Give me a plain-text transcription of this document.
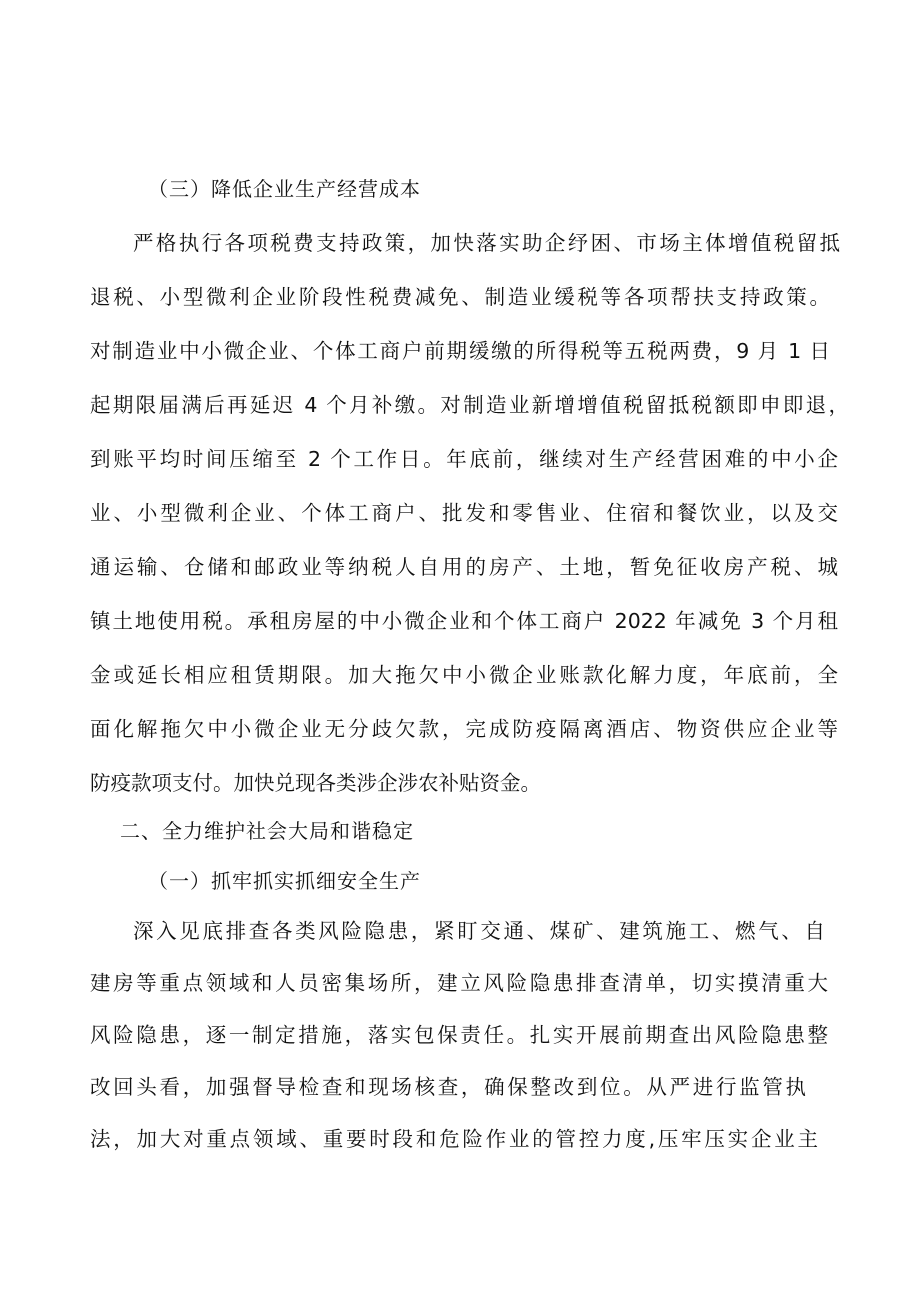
（三）降低企业生产经营成本
严格执行各项税费支持政策，加快落实助企纾困、市场主体增值税留抵
退税、小型微利企业阶段性税费减免、制造业缓税等各项帮扶支持政策。
对制造业中小微企业、个体工商户前期缓缴的所得税等五税两费，9 月 1 日
起期限届满后再延迟 4 个月补缴。对制造业新增增值税留抵税额即申即退，
到账平均时间压缩至 2 个工作日。年底前，继续对生产经营困难的中小企
业、小型微利企业、个体工商户、批发和零售业、住宿和餐饮业，以及交
通运输、仓储和邮政业等纳税人自用的房产、土地，暂免征收房产税、城
镇土地使用税。承租房屋的中小微企业和个体工商户 2022 年减免 3 个月租
金或延长相应租赁期限。加大拖欠中小微企业账款化解力度，年底前，全
面化解拖欠中小微企业无分歧欠款，完成防疫隔离酒店、物资供应企业等
防疫款项支付。加快兑现各类涉企涉农补贴资金。
二、全力维护社会大局和谐稳定
（一）抓牢抓实抓细安全生产
深入见底排查各类风险隐患，紧盯交通、煤矿、建筑施工、燃气、自
建房等重点领域和人员密集场所，建立风险隐患排查清单，切实摸清重大
风险隐患，逐一制定措施，落实包保责任。扎实开展前期查出风险隐患整
改回头看，加强督导检查和现场核查，确保整改到位。从严进行监管执
法，加大对重点领域、重要时段和危险作业的管控力度,压牢压实企业主
